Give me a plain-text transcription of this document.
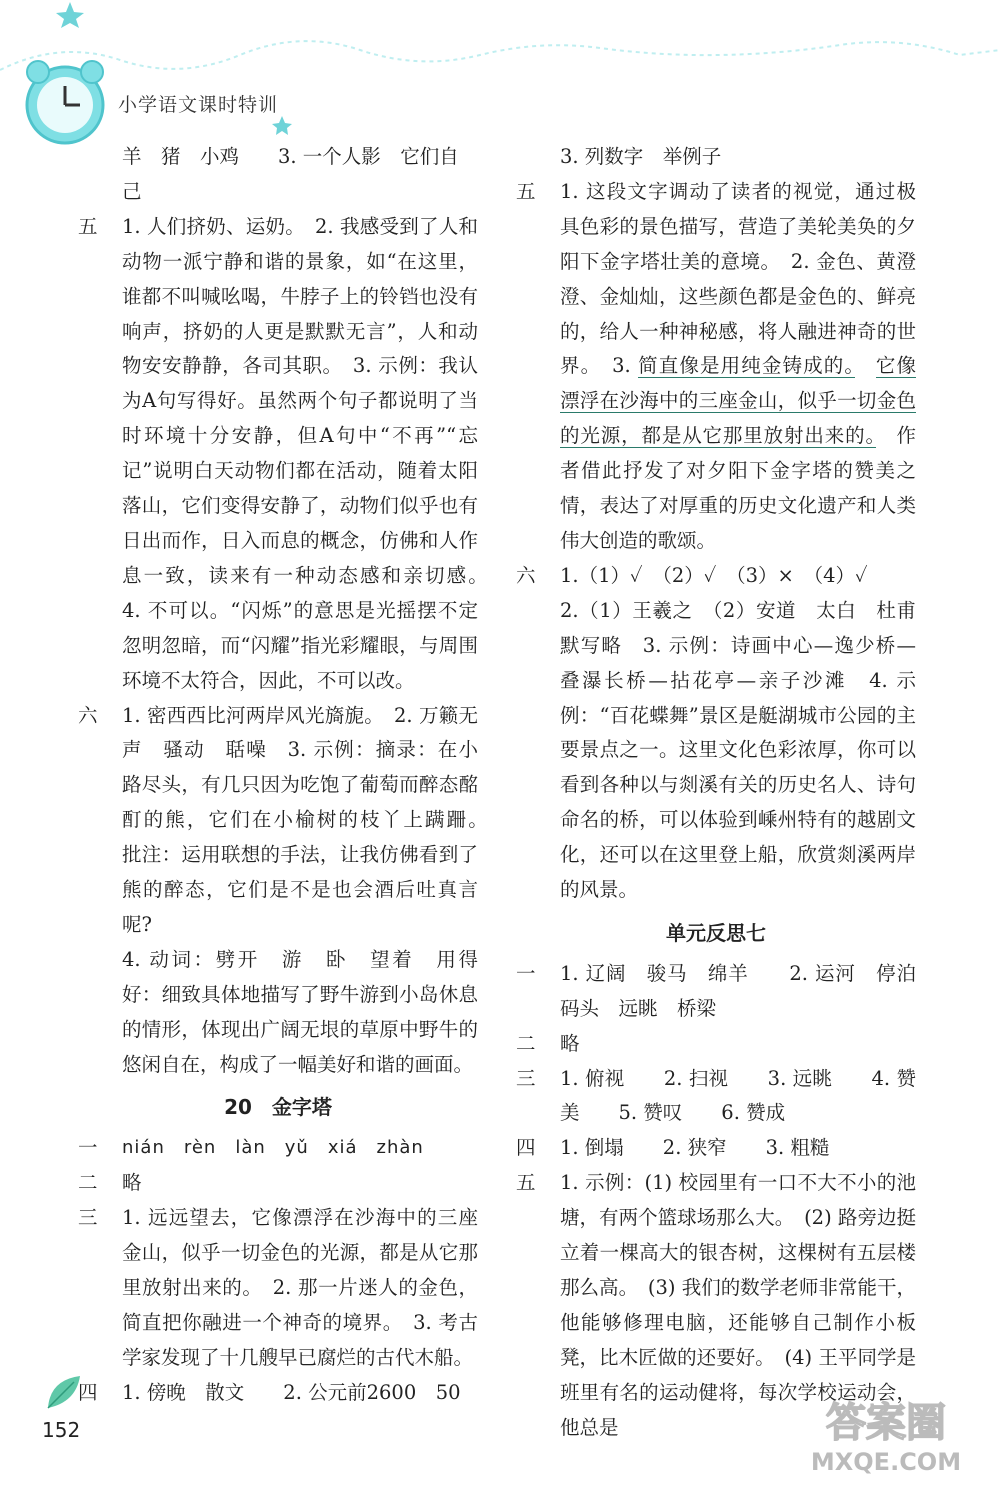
小学语文课时特训
羊　猪　小鸡　　3. 一个人影　它们自己
五	1. 人们挤奶、运奶。　2. 我感受到了人和动物一派宁静和谐的景象，如“在这里，谁都不叫喊吆喝，牛脖子上的铃铛也没有响声，挤奶的人更是默默无言”，人和动物安安静静，各司其职。　3. 示例：我认为A句写得好。虽然两个句子都说明了当时环境十分安静，但A句中“不再”“忘记”说明白天动物们都在活动，随着太阳落山，它们变得安静了，动物们似乎也有日出而作，日入而息的概念，仿佛和人作息一致，读来有一种动态感和亲切感。　4. 不可以。“闪烁”的意思是光摇摆不定忽明忽暗，而“闪耀”指光彩耀眼，与周围环境不太符合，因此，不可以改。
六	1. 密西西比河两岸风光旖旎。　2. 万籁无声　骚动　聒噪　3. 示例：摘录：在小路尽头，有几只因为吃饱了葡萄而醉态酩酊的熊，它们在小榆树的枝丫上蹒跚。　批注：运用联想的手法，让我仿佛看到了熊的醉态，它们是不是也会酒后吐真言呢?
4. 动词：劈开　游　卧　望着　用得好：细致具体地描写了野牛游到小岛休息的情形，体现出广阔无垠的草原中野牛的悠闲自在，构成了一幅美好和谐的画面。
20　金字塔
一	nián　rèn　làn　yǔ　xiá　zhàn
二	略
三	1. 远远望去，它像漂浮在沙海中的三座金山，似乎一切金色的光源，都是从它那里放射出来的。　2. 那一片迷人的金色，简直把你融进一个神奇的境界。　3. 考古学家发现了十几艘早已腐烂的古代木船。
四	1. 傍晚　散文　　2. 公元前2600　50
3. 列数字　举例子
五	1. 这段文字调动了读者的视觉，通过极具色彩的景色描写，营造了美轮美奂的夕阳下金字塔壮美的意境。　2. 金色、黄澄澄、金灿灿，这些颜色都是金色的、鲜亮的，给人一种神秘感，将人融进神奇的世界。　3. 简直像是用纯金铸成的。　 它像漂浮在沙海中的三座金山，似乎一切金色的光源，都是从它那里放射出来的。　 作者借此抒发了对夕阳下金字塔的赞美之情，表达了对厚重的历史文化遗产和人类伟大创造的歌颂。
六	1.（1）✓　（2）✓　（3）×　（4）✓
2.（1）王羲之　（2）安道　太白　杜甫　默写略　3. 示例：诗画中心—逸少桥—叠瀑长桥—拈花亭—亲子沙滩　4. 示例：“百花蝶舞”景区是艇湖城市公园的主要景点之一。这里文化色彩浓厚，你可以看到各种以与剡溪有关的历史名人、诗句命名的桥，可以体验到嵊州特有的越剧文化，还可以在这里登上船，欣赏剡溪两岸的风景。
单元反思七
一	1. 辽阔　骏马　绵羊　　2. 运河　停泊　码头　远眺　桥梁
二	略
三	1. 俯视　　2. 扫视　　3. 远眺　　4. 赞美　　5. 赞叹　　6. 赞成
四	1. 倒塌　　2. 狭窄　　3. 粗糙
五	1. 示例：(1) 校园里有一口不大不小的池塘，有两个篮球场那么大。　(2) 路旁边挺立着一棵高大的银杏树，这棵树有五层楼那么高。　(3) 我们的数学老师非常能干，他能够修理电脑，还能够自己制作小板凳，比木匠做的还要好。　(4) 王平同学是班里有名的运动健将，每次学校运动会，他总是
152	答案圈
MXQE.COM
